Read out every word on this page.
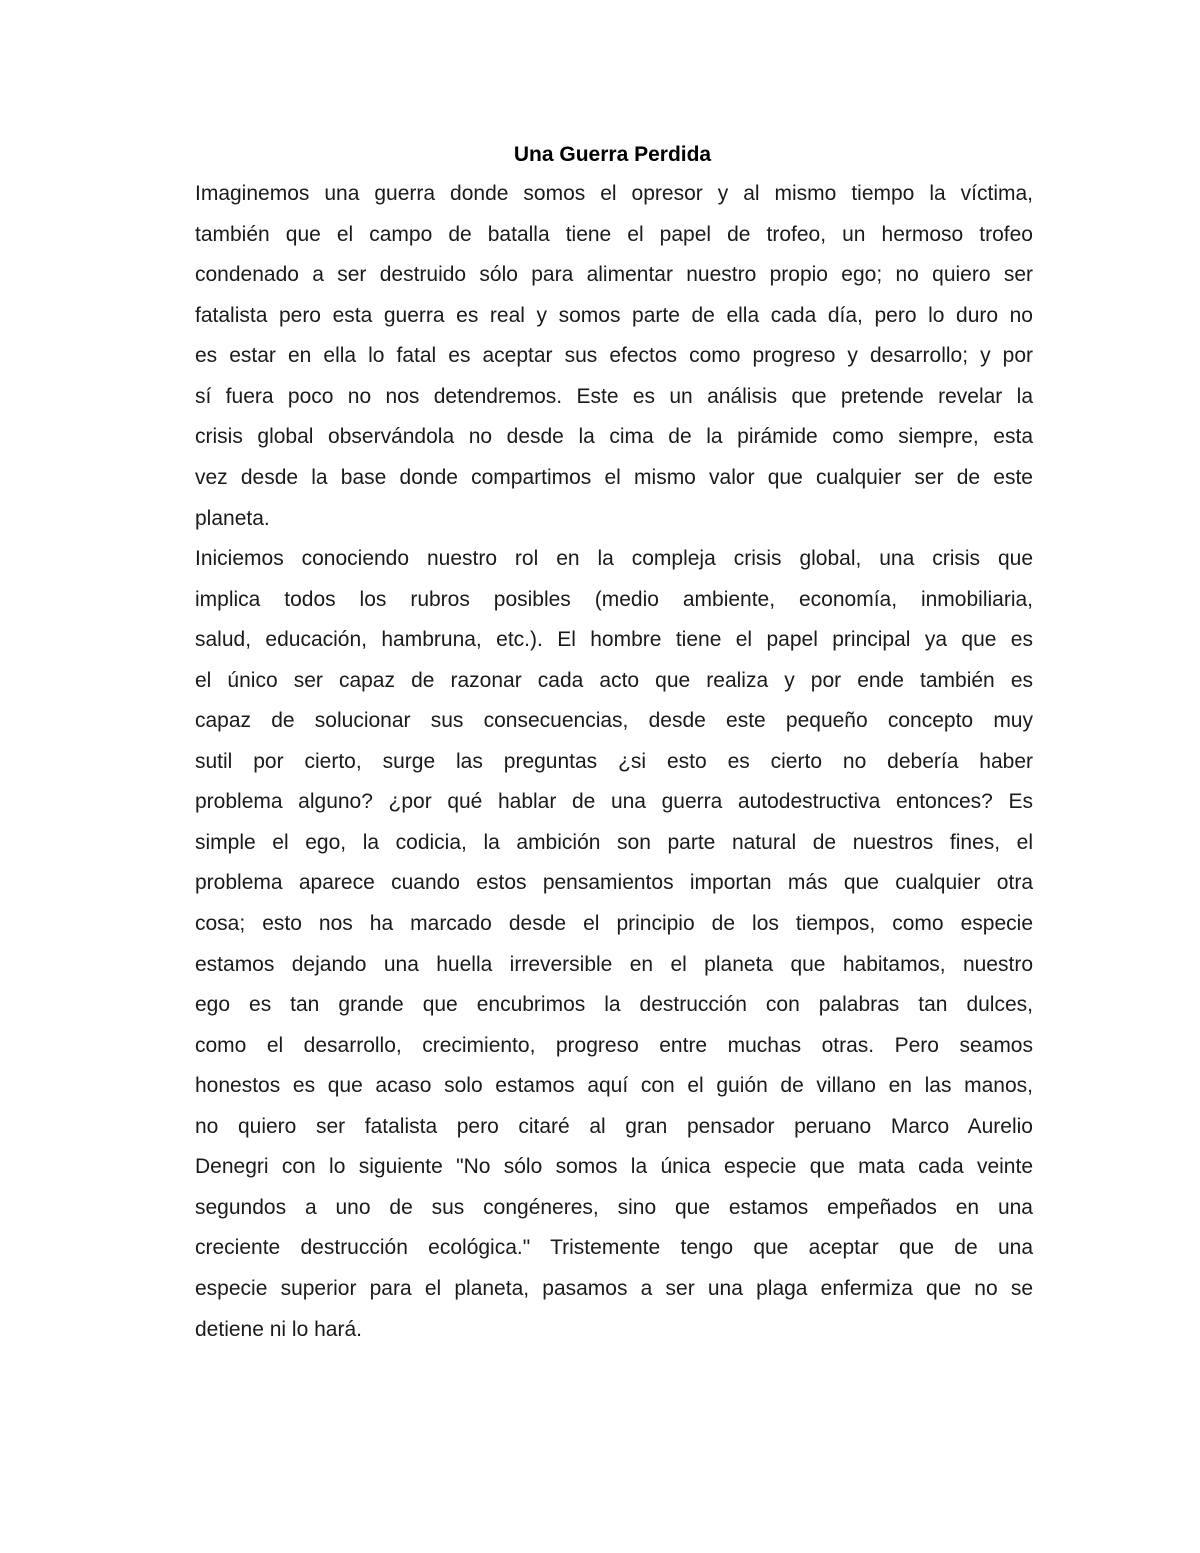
Una Guerra Perdida

Imaginemos una guerra donde somos el opresor y al mismo tiempo la víctima,

también que el campo de batalla tiene el papel de trofeo, un hermoso trofeo

condenado a ser destruido sólo para alimentar nuestro propio ego; no quiero ser

fatalista pero esta guerra es real y somos parte de ella cada día, pero lo duro no

es estar en ella lo fatal es aceptar sus efectos como progreso y desarrollo; y por

sí fuera poco no nos detendremos. Este es un análisis que pretende revelar la

crisis global observándola no desde la cima de la pirámide como siempre, esta

vez desde la base donde compartimos el mismo valor que cualquier ser de este

planeta.

Iniciemos conociendo nuestro rol en la compleja crisis global, una crisis que

implica todos los rubros posibles (medio ambiente, economía, inmobiliaria,

salud, educación, hambruna, etc.). El hombre tiene el papel principal ya que es

el único ser capaz de razonar cada acto que realiza y por ende también es

capaz de solucionar sus consecuencias, desde este pequeño concepto muy

sutil por cierto, surge las preguntas ¿si esto es cierto no debería haber

problema alguno? ¿por qué hablar de una guerra autodestructiva entonces? Es

simple el ego, la codicia, la ambición son parte natural de nuestros fines, el

problema aparece cuando estos pensamientos importan más que cualquier otra

cosa; esto nos ha marcado desde el principio de los tiempos, como especie

estamos dejando una huella irreversible en el planeta que habitamos, nuestro

ego es tan grande que encubrimos la destrucción con palabras tan dulces,

como el desarrollo, crecimiento, progreso entre muchas otras. Pero seamos

honestos es que acaso solo estamos aquí con el guión de villano en las manos,

no quiero ser fatalista pero citaré al gran pensador peruano Marco Aurelio

Denegri con lo siguiente "No sólo somos la única especie que mata cada veinte

segundos a uno de sus congéneres, sino que estamos empeñados en una

creciente destrucción ecológica." Tristemente tengo que aceptar que de una

especie superior para el planeta, pasamos a ser una plaga enfermiza que no se

detiene ni lo hará.
